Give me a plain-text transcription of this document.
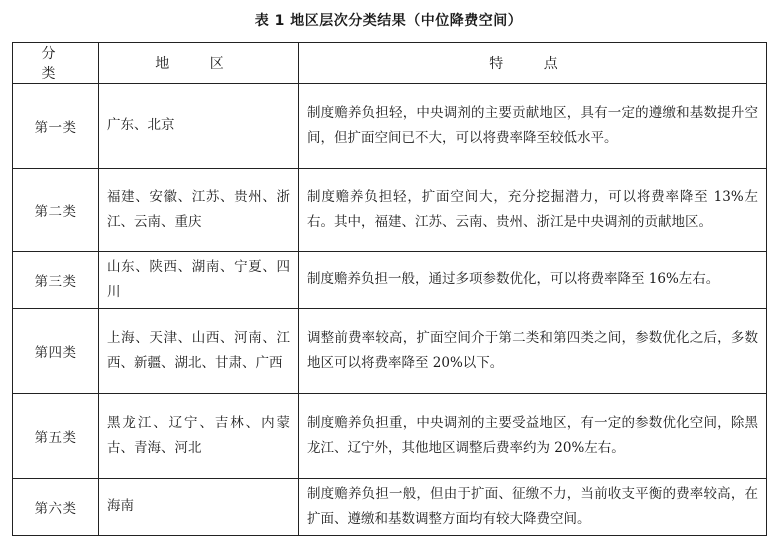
表 1 地区层次分类结果（中位降费空间）
分 类	地 区	特 点
第一类	广东、北京	制度赡养负担轻，中央调剂的主要贡献地区，具有一定的遵缴和基数提升空间，但扩面空间已不大，可以将费率降至较低水平。
第二类	福建、安徽、江苏、贵州、浙江、云南、重庆	制度赡养负担轻，扩面空间大，充分挖掘潜力，可以将费率降至 13%左右。其中，福建、江苏、云南、贵州、浙江是中央调剂的贡献地区。
第三类	山东、陕西、湖南、宁夏、四川	制度赡养负担一般，通过多项参数优化，可以将费率降至 16%左右。
第四类	上海、天津、山西、河南、江西、新疆、湖北、甘肃、广西	调整前费率较高，扩面空间介于第二类和第四类之间，参数优化之后，多数地区可以将费率降至 20%以下。
第五类	黑龙江、辽宁、吉林、内蒙古、青海、河北	制度赡养负担重，中央调剂的主要受益地区，有一定的参数优化空间，除黑龙江、辽宁外，其他地区调整后费率约为 20%左右。
第六类	海南	制度赡养负担一般，但由于扩面、征缴不力，当前收支平衡的费率较高，在扩面、遵缴和基数调整方面均有较大降费空间。
